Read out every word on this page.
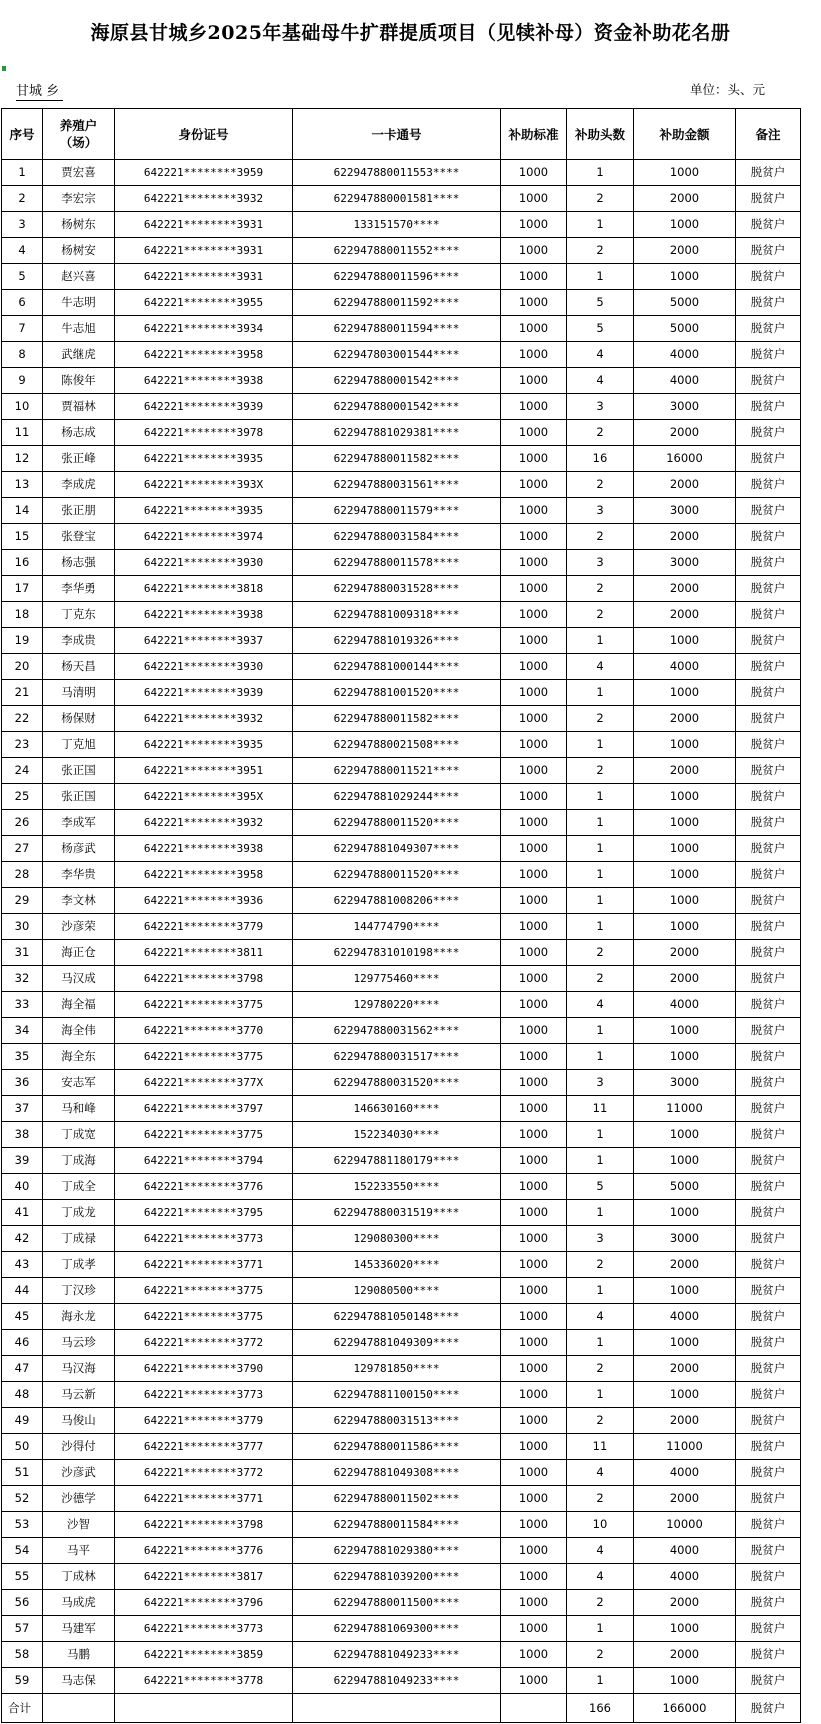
海原县甘城乡2025年基础母牛扩群提质项目（见犊补母）资金补助花名册
甘城 乡	单位：头、元
序号	养殖户（场）	身份证号	一卡通号	补助标准	补助头数	补助金额	备注
1	贾宏喜	642221********3959	622947880011553****	1000	1	1000	脱贫户
2	李宏宗	642221********3932	622947880001581****	1000	2	2000	脱贫户
3	杨树东	642221********3931	133151570****	1000	1	1000	脱贫户
4	杨树安	642221********3931	622947880011552****	1000	2	2000	脱贫户
5	赵兴喜	642221********3931	622947880011596****	1000	1	1000	脱贫户
6	牛志明	642221********3955	622947880011592****	1000	5	5000	脱贫户
7	牛志旭	642221********3934	622947880011594****	1000	5	5000	脱贫户
8	武继虎	642221********3958	622947803001544****	1000	4	4000	脱贫户
9	陈俊年	642221********3938	622947880001542****	1000	4	4000	脱贫户
10	贾福林	642221********3939	622947880001542****	1000	3	3000	脱贫户
11	杨志成	642221********3978	622947881029381****	1000	2	2000	脱贫户
12	张正峰	642221********3935	622947880011582****	1000	16	16000	脱贫户
13	李成虎	642221********393X	622947880031561****	1000	2	2000	脱贫户
14	张正朋	642221********3935	622947880011579****	1000	3	3000	脱贫户
15	张登宝	642221********3974	622947880031584****	1000	2	2000	脱贫户
16	杨志强	642221********3930	622947880011578****	1000	3	3000	脱贫户
17	李华勇	642221********3818	622947880031528****	1000	2	2000	脱贫户
18	丁克东	642221********3938	622947881009318****	1000	2	2000	脱贫户
19	李成贵	642221********3937	622947881019326****	1000	1	1000	脱贫户
20	杨天昌	642221********3930	622947881000144****	1000	4	4000	脱贫户
21	马清明	642221********3939	622947881001520****	1000	1	1000	脱贫户
22	杨保财	642221********3932	622947880011582****	1000	2	2000	脱贫户
23	丁克旭	642221********3935	622947880021508****	1000	1	1000	脱贫户
24	张正国	642221********3951	622947880011521****	1000	2	2000	脱贫户
25	张正国	642221********395X	622947881029244****	1000	1	1000	脱贫户
26	李成军	642221********3932	622947880011520****	1000	1	1000	脱贫户
27	杨彦武	642221********3938	622947881049307****	1000	1	1000	脱贫户
28	李华贵	642221********3958	622947880011520****	1000	1	1000	脱贫户
29	李文林	642221********3936	622947881008206****	1000	1	1000	脱贫户
30	沙彦荣	642221********3779	144774790****	1000	1	1000	脱贫户
31	海正仓	642221********3811	622947831010198****	1000	2	2000	脱贫户
32	马汉成	642221********3798	129775460****	1000	2	2000	脱贫户
33	海全福	642221********3775	129780220****	1000	4	4000	脱贫户
34	海全伟	642221********3770	622947880031562****	1000	1	1000	脱贫户
35	海全东	642221********3775	622947880031517****	1000	1	1000	脱贫户
36	安志军	642221********377X	622947880031520****	1000	3	3000	脱贫户
37	马和峰	642221********3797	146630160****	1000	11	11000	脱贫户
38	丁成宽	642221********3775	152234030****	1000	1	1000	脱贫户
39	丁成海	642221********3794	622947881180179****	1000	1	1000	脱贫户
40	丁成全	642221********3776	152233550****	1000	5	5000	脱贫户
41	丁成龙	642221********3795	622947880031519****	1000	1	1000	脱贫户
42	丁成禄	642221********3773	129080300****	1000	3	3000	脱贫户
43	丁成孝	642221********3771	145336020****	1000	2	2000	脱贫户
44	丁汉珍	642221********3775	129080500****	1000	1	1000	脱贫户
45	海永龙	642221********3775	622947881050148****	1000	4	4000	脱贫户
46	马云珍	642221********3772	622947881049309****	1000	1	1000	脱贫户
47	马汉海	642221********3790	129781850****	1000	2	2000	脱贫户
48	马云新	642221********3773	622947881100150****	1000	1	1000	脱贫户
49	马俊山	642221********3779	622947880031513****	1000	2	2000	脱贫户
50	沙得付	642221********3777	622947880011586****	1000	11	11000	脱贫户
51	沙彦武	642221********3772	622947881049308****	1000	4	4000	脱贫户
52	沙德学	642221********3771	622947880011502****	1000	2	2000	脱贫户
53	沙智	642221********3798	622947880011584****	1000	10	10000	脱贫户
54	马平	642221********3776	622947881029380****	1000	4	4000	脱贫户
55	丁成林	642221********3817	622947881039200****	1000	4	4000	脱贫户
56	马成虎	642221********3796	622947880011500****	1000	2	2000	脱贫户
57	马建军	642221********3773	622947881069300****	1000	1	1000	脱贫户
58	马鹏	642221********3859	622947881049233****	1000	2	2000	脱贫户
59	马志保	642221********3778	622947881049233****	1000	1	1000	脱贫户
合计					166	166000	脱贫户
